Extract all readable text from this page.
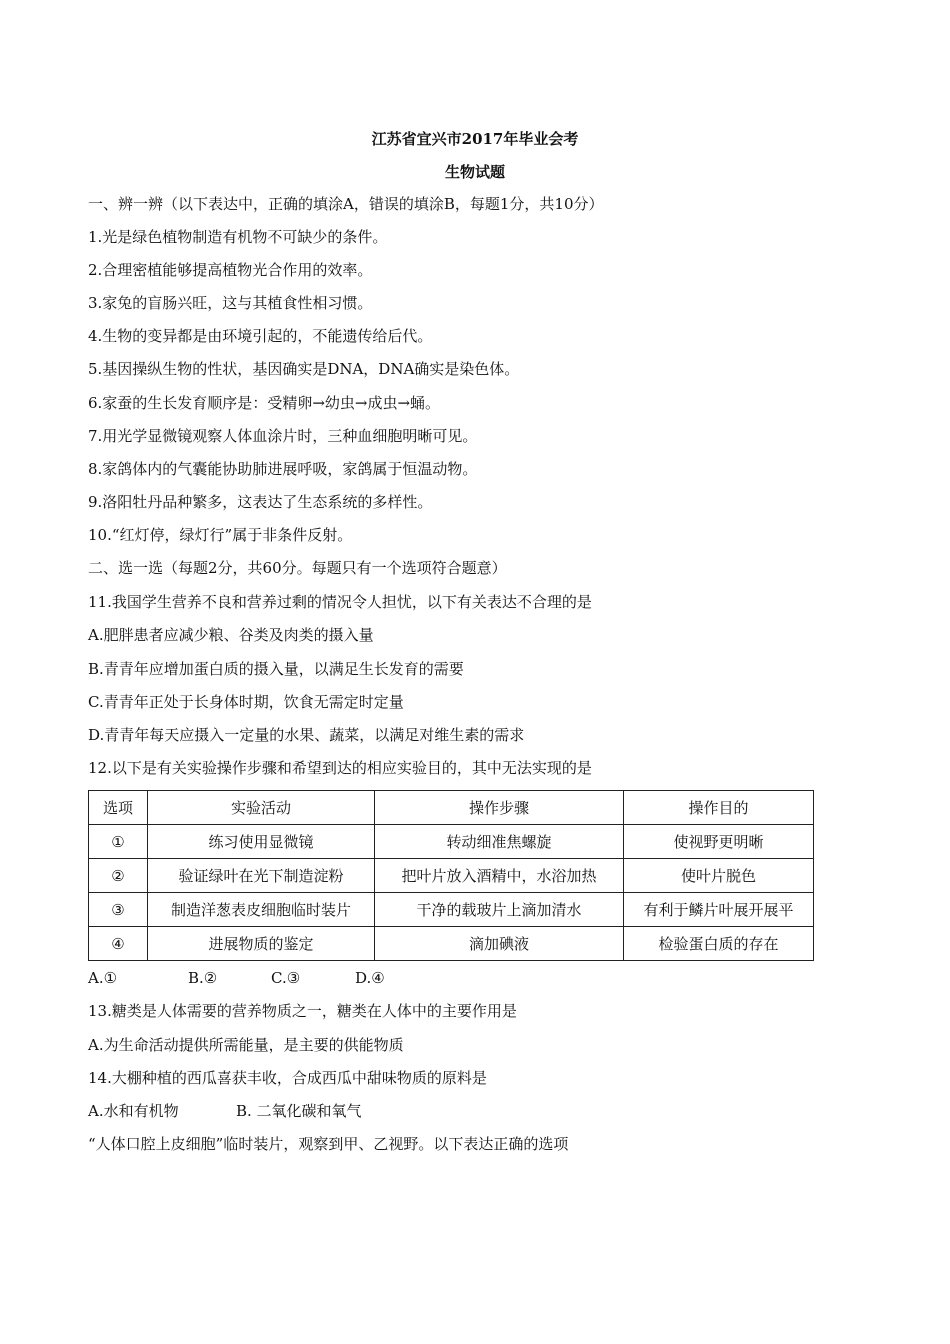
江苏省宜兴市2017年毕业会考
生物试题
一、辨一辨（以下表达中，正确的填涂A，错误的填涂B，每题1分，共10分）
1.光是绿色植物制造有机物不可缺少的条件。
2.合理密植能够提高植物光合作用的效率。
3.家兔的盲肠兴旺，这与其植食性相习惯。
4.生物的变异都是由环境引起的，不能遗传给后代。
5.基因操纵生物的性状，基因确实是DNA，DNA确实是染色体。
6.家蚕的生长发育顺序是：受精卵→幼虫→成虫→蛹。
7.用光学显微镜观察人体血涂片时，三种血细胞明晰可见。
8.家鸽体内的气囊能协助肺进展呼吸，家鸽属于恒温动物。
9.洛阳牡丹品种繁多，这表达了生态系统的多样性。
10.“红灯停，绿灯行”属于非条件反射。
二、选一选（每题2分，共60分。每题只有一个选项符合题意）
11.我国学生营养不良和营养过剩的情况令人担忧，以下有关表达不合理的是
A.肥胖患者应减少粮、谷类及肉类的摄入量
B.青青年应增加蛋白质的摄入量，以满足生长发育的需要
C.青青年正处于长身体时期，饮食无需定时定量
D.青青年每天应摄入一定量的水果、蔬菜，以满足对维生素的需求
12.以下是有关实验操作步骤和希望到达的相应实验目的，其中无法实现的是
选项	实验活动	操作步骤	操作目的
①	练习使用显微镜	转动细准焦螺旋	使视野更明晰
②	验证绿叶在光下制造淀粉	把叶片放入酒精中，水浴加热	使叶片脱色
③	制造洋葱表皮细胞临时装片	干净的载玻片上滴加清水	有利于鳞片叶展开展平
④	进展物质的鉴定	滴加碘液	检验蛋白质的存在
A.①	B.②	C.③	D.④
13.糖类是人体需要的营养物质之一，糖类在人体中的主要作用是
A.为生命活动提供所需能量，是主要的供能物质
14.大棚种植的西瓜喜获丰收，合成西瓜中甜味物质的原料是
A.水和有机物	B. 二氧化碳和氧气
“人体口腔上皮细胞”临时装片，观察到甲、乙视野。以下表达正确的选项
